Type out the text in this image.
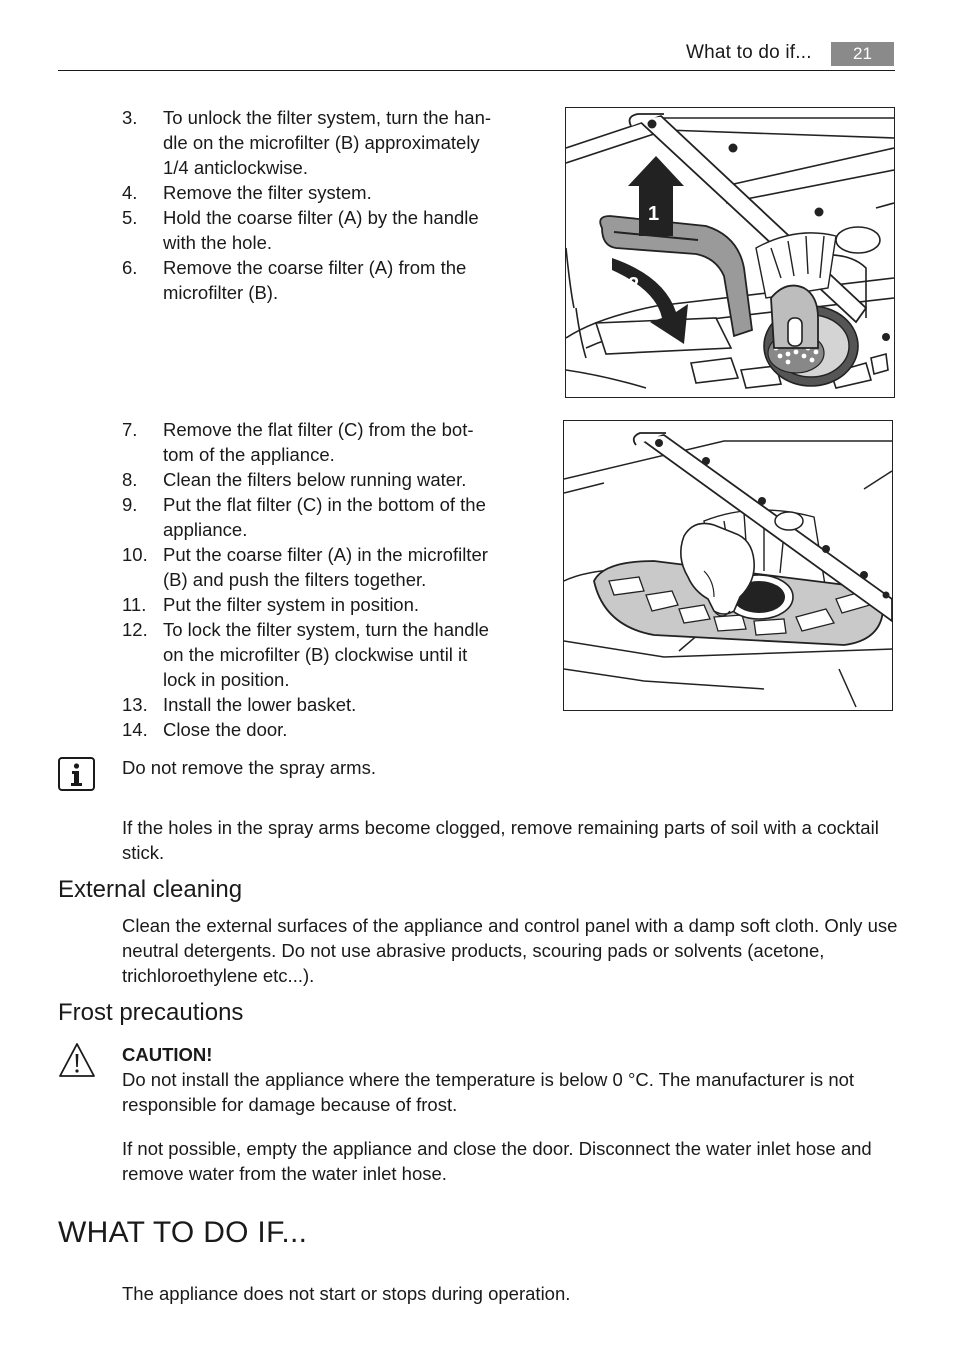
What to do if...	21
3.	To unlock the filter system, turn the han-
dle on the microfilter (B) approximately
1/4 anticlockwise.
4.	Remove the filter system.
5.	Hold the coarse filter (A) by the handle
with the hole.
6.	Remove the coarse filter (A) from the
microfilter (B).
1
2
7.	Remove the flat filter (C) from the bot-
tom of the appliance.
8.	Clean the filters below running water.
9.	Put the flat filter (C) in the bottom of the
appliance.
10. Put the coarse filter (A) in the microfilter
(B) and push the filters together.
11. Put the filter system in position.
12. To lock the filter system, turn the handle
on the microfilter (B) clockwise until it
lock in position.
13. Install the lower basket.
14. Close the door.
Do not remove the spray arms.
If the holes in the spray arms become clogged, remove remaining parts of soil with a cocktail stick.
External cleaning
Clean the external surfaces of the appliance and control panel with a damp soft cloth. Only use neutral detergents. Do not use abrasive products, scouring pads or solvents (acetone, trichloroethylene etc...).
Frost precautions
CAUTION!
Do not install the appliance where the temperature is below 0 °C. The manufacturer is not responsible for damage because of frost.
If not possible, empty the appliance and close the door. Disconnect the water inlet hose and remove water from the water inlet hose.
WHAT TO DO IF...
The appliance does not start or stops during operation.
